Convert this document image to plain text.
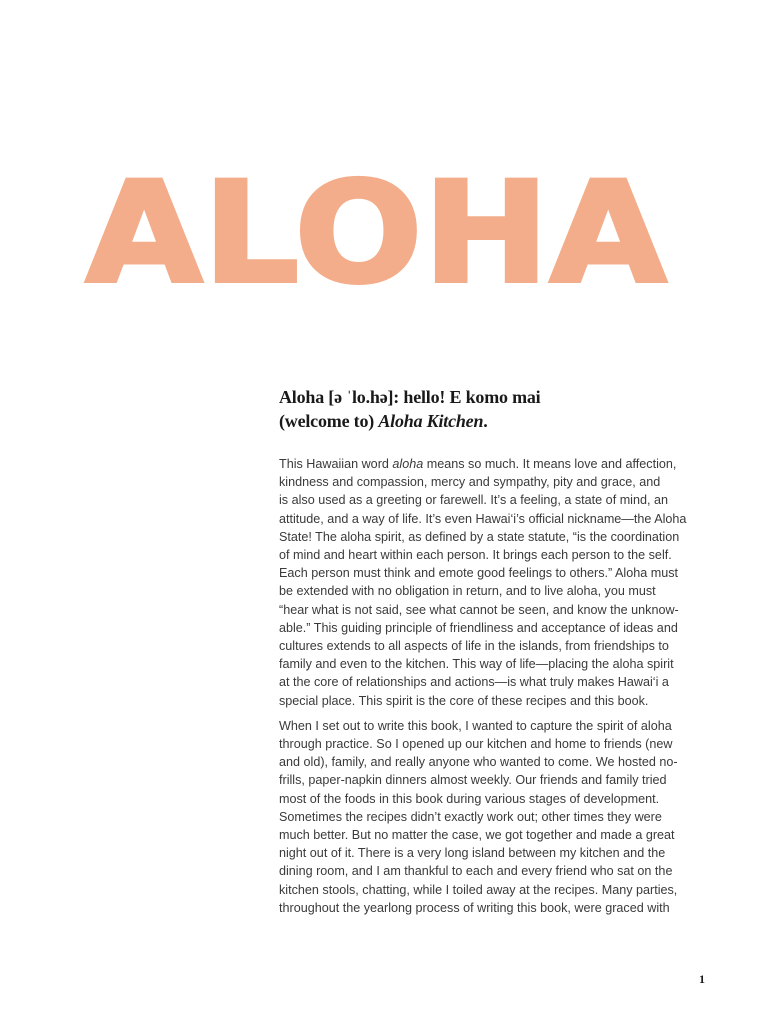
ALOHA
Aloha [ə ˈlo.hə]: hello! E komo mai
(welcome to) Aloha Kitchen.

This Hawaiian word aloha means so much. It means love and affection,
kindness and compassion, mercy and sympathy, pity and grace, and
is also used as a greeting or farewell. It’s a feeling, a state of mind, an
attitude, and a way of life. It’s even Hawai‘i’s official nickname—the Aloha
State! The aloha spirit, as defined by a state statute, “is the coordination
of mind and heart within each person. It brings each person to the self.
Each person must think and emote good feelings to others.” Aloha must
be extended with no obligation in return, and to live aloha, you must
“hear what is not said, see what cannot be seen, and know the unknow-
able.” This guiding principle of friendliness and acceptance of ideas and
cultures extends to all aspects of life in the islands, from friendships to
family and even to the kitchen. This way of life—placing the aloha spirit
at the core of relationships and actions—is what truly makes Hawai‘i a
special place. This spirit is the core of these recipes and this book.

When I set out to write this book, I wanted to capture the spirit of aloha
through practice. So I opened up our kitchen and home to friends (new
and old), family, and really anyone who wanted to come. We hosted no-
frills, paper-napkin dinners almost weekly. Our friends and family tried
most of the foods in this book during various stages of development.
Sometimes the recipes didn’t exactly work out; other times they were
much better. But no matter the case, we got together and made a great
night out of it. There is a very long island between my kitchen and the
dining room, and I am thankful to each and every friend who sat on the
kitchen stools, chatting, while I toiled away at the recipes. Many parties,
throughout the yearlong process of writing this book, were graced with

1
